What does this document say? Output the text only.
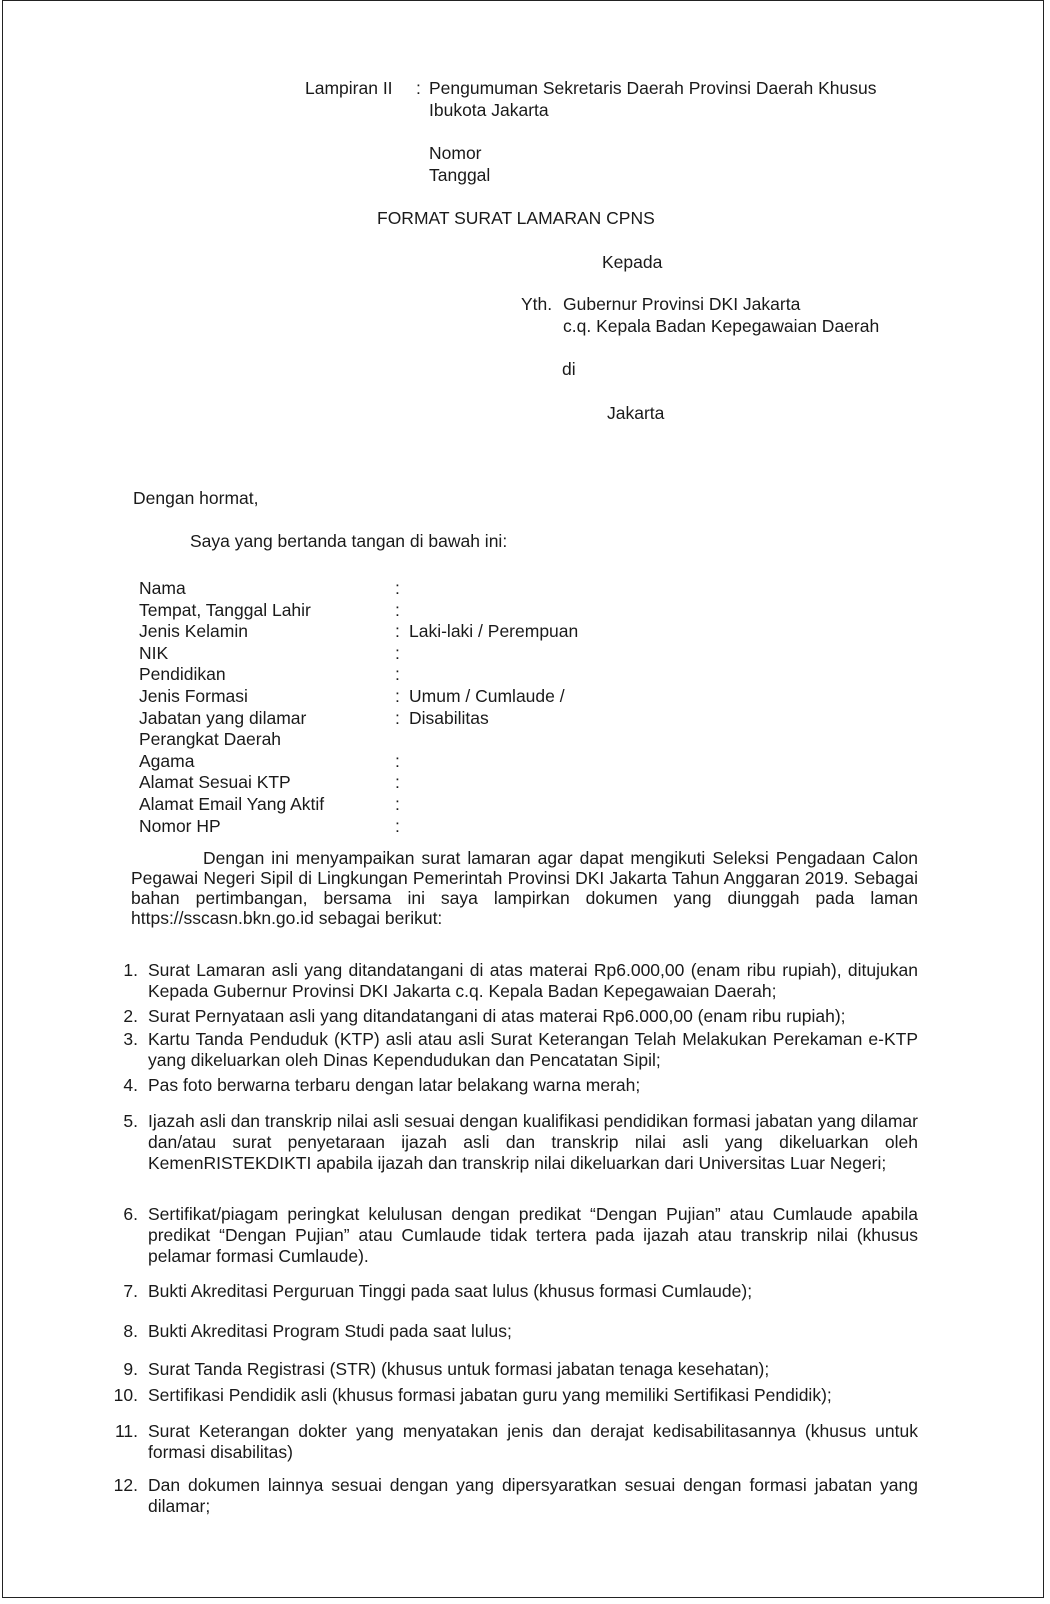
Lampiran II : Pengumuman Sekretaris Daerah Provinsi Daerah Khusus
Ibukota Jakarta
Nomor
Tanggal
FORMAT SURAT LAMARAN CPNS
Kepada
Yth. Gubernur Provinsi DKI Jakarta
c.q. Kepala Badan Kepegawaian Daerah
di
Jakarta
Dengan hormat,
Saya yang bertanda tangan di bawah ini:
Nama	:
Tempat, Tanggal Lahir	:
Jenis Kelamin	: Laki-laki / Perempuan
NIK	:
Pendidikan	:
Jenis Formasi	: Umum / Cumlaude / Disabilitas
Jabatan yang dilamar	:
Perangkat Daerah
Agama	:
Alamat Sesuai KTP	:
Alamat Email Yang Aktif	:
Nomor HP	:
Dengan ini menyampaikan surat lamaran agar dapat mengikuti Seleksi Pengadaan Calon Pegawai Negeri Sipil di Lingkungan Pemerintah Provinsi DKI Jakarta Tahun Anggaran 2019. Sebagai bahan pertimbangan, bersama ini saya lampirkan dokumen yang diunggah pada laman https://sscasn.bkn.go.id sebagai berikut:
1. Surat Lamaran asli yang ditandatangani di atas materai Rp6.000,00 (enam ribu rupiah), ditujukan Kepada Gubernur Provinsi DKI Jakarta c.q. Kepala Badan Kepegawaian Daerah;
2. Surat Pernyataan asli yang ditandatangani di atas materai Rp6.000,00 (enam ribu rupiah);
3. Kartu Tanda Penduduk (KTP) asli atau asli Surat Keterangan Telah Melakukan Perekaman e-KTP yang dikeluarkan oleh Dinas Kependudukan dan Pencatatan Sipil;
4. Pas foto berwarna terbaru dengan latar belakang warna merah;
5. Ijazah asli dan transkrip nilai asli sesuai dengan kualifikasi pendidikan formasi jabatan yang dilamar dan/atau surat penyetaraan ijazah asli dan transkrip nilai asli yang dikeluarkan oleh KemenRISTEKDIKTI apabila ijazah dan transkrip nilai dikeluarkan dari Universitas Luar Negeri;
6. Sertifikat/piagam peringkat kelulusan dengan predikat “Dengan Pujian” atau Cumlaude apabila predikat “Dengan Pujian” atau Cumlaude tidak tertera pada ijazah atau transkrip nilai (khusus pelamar formasi Cumlaude).
7. Bukti Akreditasi Perguruan Tinggi pada saat lulus (khusus formasi Cumlaude);
8. Bukti Akreditasi Program Studi pada saat lulus;
9. Surat Tanda Registrasi (STR) (khusus untuk formasi jabatan tenaga kesehatan);
10. Sertifikasi Pendidik asli (khusus formasi jabatan guru yang memiliki Sertifikasi Pendidik);
11. Surat Keterangan dokter yang menyatakan jenis dan derajat kedisabilitasannya (khusus untuk formasi disabilitas)
12. Dan dokumen lainnya sesuai dengan yang dipersyaratkan sesuai dengan formasi jabatan yang dilamar;
